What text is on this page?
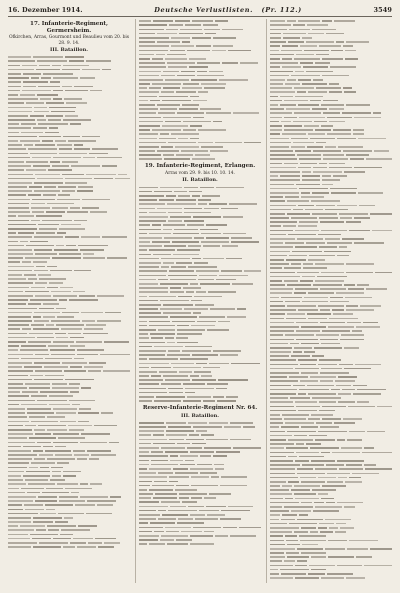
16. Dezember 1914.	Deutsche Verlustlisten. (Pr. 112.)	3549
17. Infanterie-Regiment, Germersheim.
Ofkirchen, Arras, Gourmont und Beaulieu vom 20. bis 28. 9. 14.
III. Bataillon.
19. Infanterie-Regiment, Erlangen.
Arras vom 29. 9. bis 10. 10. 14.
II. Bataillon.
Reserve-Infanterie-Regiment Nr. 64.
III. Bataillon.
